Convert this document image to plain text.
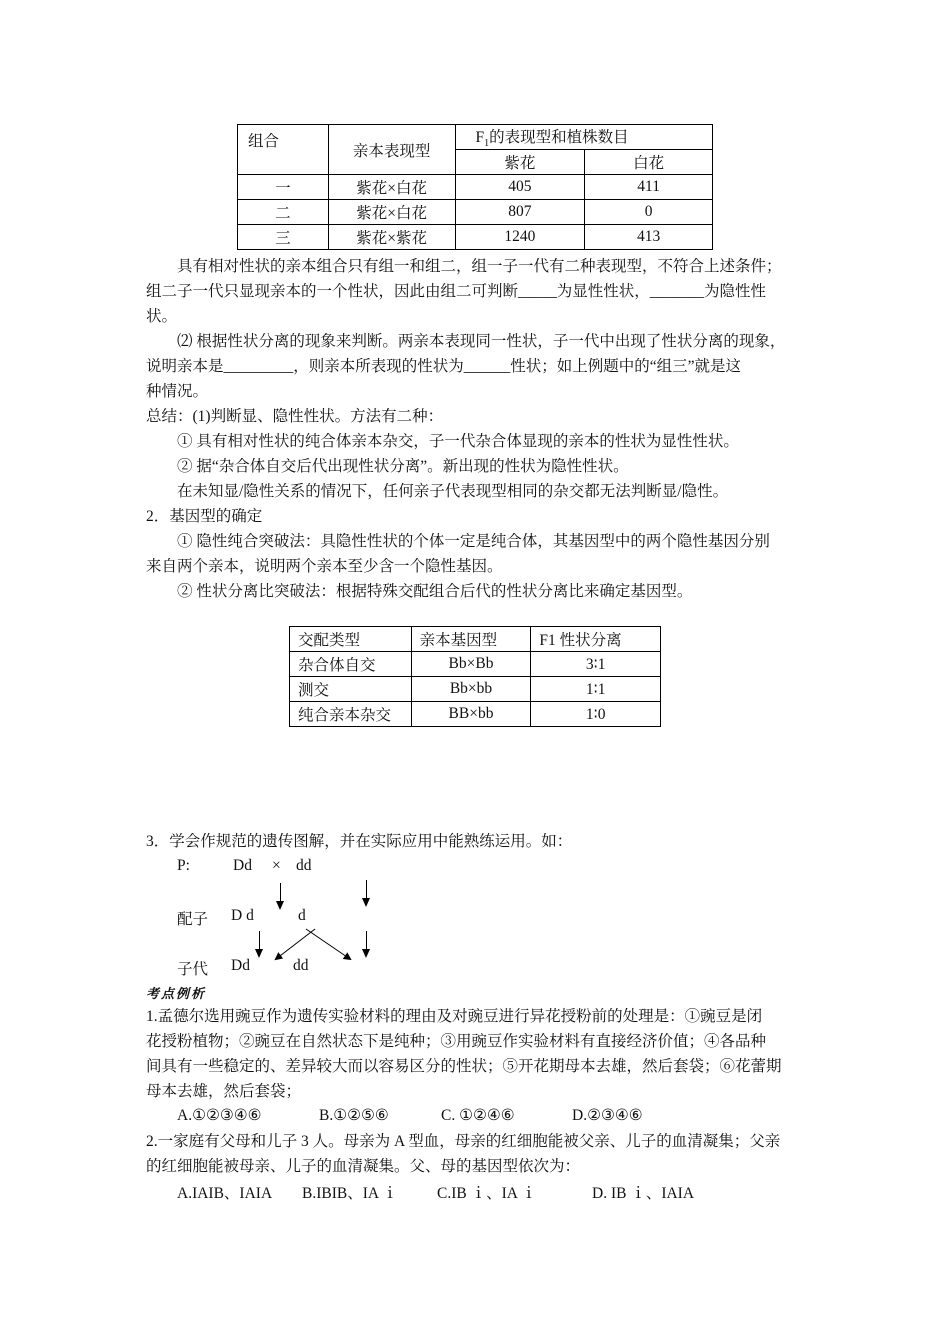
组合	亲本表现型	$F_1$的表现型和植株数目	
		紫花	白花
一	紫花×白花	405	411
二	紫花×白花	807	0
三	紫花×紫花	1240	413
具有相对性状的亲本组合只有组一和组二，组一子一代有二种表现型，不符合上述条件；
组二子一代只显现亲本的一个性状，因此由组二可判断_____为显性性状，_______为隐性性
状。
⑵ 根据性状分离的现象来判断。两亲本表现同一性状，子一代中出现了性状分离的现象，
说明亲本是_________，则亲本所表现的性状为______性状；如上例题中的“组三”就是这
种情况。
总结：(1)判断显、隐性性状。方法有二种：
① 具有相对性状的纯合体亲本杂交，子一代杂合体显现的亲本的性状为显性性状。
② 据“杂合体自交后代出现性状分离”。新出现的性状为隐性性状。
在未知显/隐性关系的情况下，任何亲子代表现型相同的杂交都无法判断显/隐性。
2．基因型的确定
① 隐性纯合突破法：具隐性性状的个体一定是纯合体，其基因型中的两个隐性基因分别
来自两个亲本，说明两个亲本至少含一个隐性基因。
② 性状分离比突破法：根据特殊交配组合后代的性状分离比来确定基因型。
交配类型	亲本基因型	F1 性状分离
杂合体自交	Bb×Bb	3∶1
测交	Bb×bb	1∶1
纯合亲本杂交	BB×bb	1∶0
3．学会作规范的遗传图解，并在实际应用中能熟练运用。如：
P:	Dd × dd
配子 D d	d
子代 Dd	dd
考点例析
1.孟德尔选用豌豆作为遗传实验材料的理由及对豌豆进行异花授粉前的处理是：①豌豆是闭
花授粉植物；②豌豆在自然状态下是纯种；③用豌豆作实验材料有直接经济价值；④各品种
间具有一些稳定的、差异较大而以容易区分的性状；⑤开花期母本去雄，然后套袋；⑥花蕾期
母本去雄，然后套袋；
A.①②③④⑥	B.①②⑤⑥	C. ①②④⑥	D.②③④⑥
2.一家庭有父母和儿子 3 人。母亲为 A 型血，母亲的红细胞能被父亲、儿子的血清凝集；父亲
的红细胞能被母亲、儿子的血清凝集。父、母的基因型依次为：
A.IAIB、IAIA B.IBIB、IA ｉ	C.IB ｉ、IA ｉ	D. IB ｉ、IAIA
